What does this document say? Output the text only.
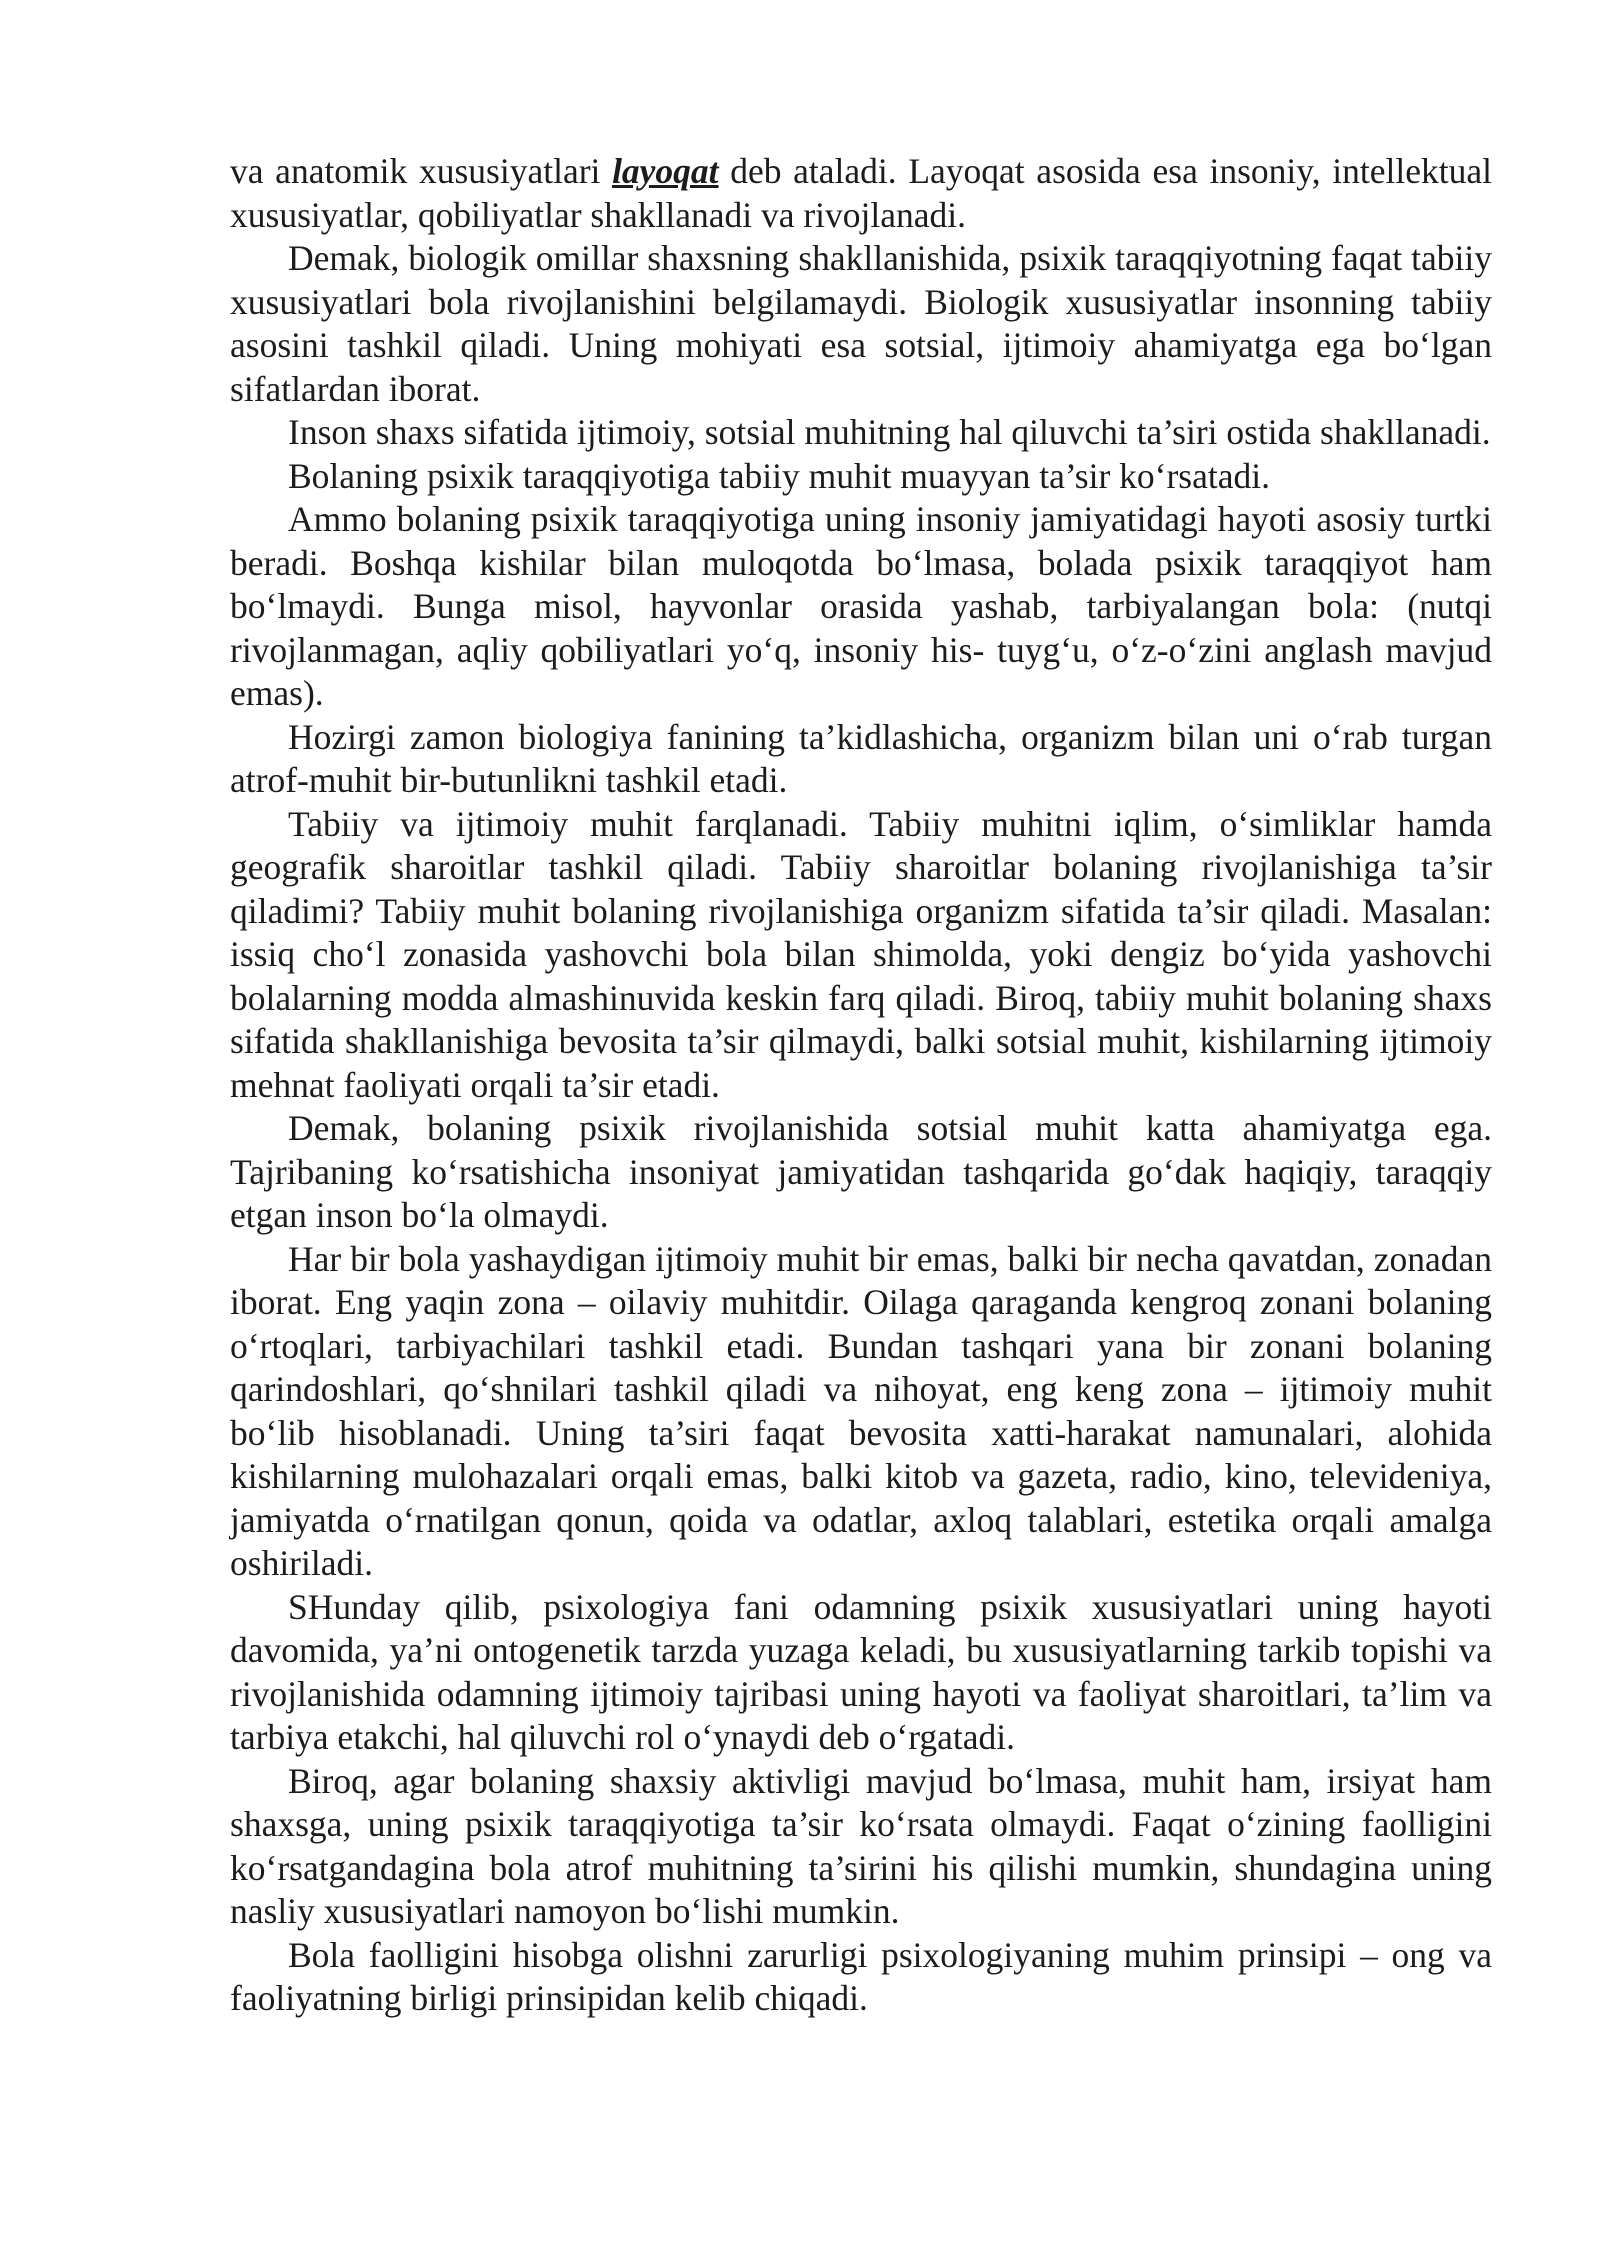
va anatomik xususiyatlari layoqat deb ataladi. Layoqat asosida esa insoniy, intellektual xususiyatlar, qobiliyatlar shakllanadi va rivojlanadi.

Demak, biologik omillar shaxsning shakllanishida, psixik taraqqiyotning faqat tabiiy xususiyatlari bola rivojlanishini belgilamaydi. Biologik xususiyatlar insonning tabiiy asosini tashkil qiladi. Uning mohiyati esa sotsial, ijtimoiy ahamiyatga ega bo‘lgan sifatlardan iborat.

Inson shaxs sifatida ijtimoiy, sotsial muhitning hal qiluvchi ta’siri ostida shakllanadi.

Bolaning psixik taraqqiyotiga tabiiy muhit muayyan ta’sir ko‘rsatadi.

Ammo bolaning psixik taraqqiyotiga uning insoniy jamiyatidagi hayoti asosiy turtki beradi. Boshqa kishilar bilan muloqotda bo‘lmasa, bolada psixik taraqqiyot ham bo‘lmaydi. Bunga misol, hayvonlar orasida yashab, tarbiyalangan bola: (nutqi rivojlanmagan, aqliy qobiliyatlari yo‘q, insoniy his- tuyg‘u, o‘z-o‘zini anglash mavjud emas).

Hozirgi zamon biologiya fanining ta’kidlashicha, organizm bilan uni o‘rab turgan atrof-muhit bir-butunlikni tashkil etadi.

Tabiiy va ijtimoiy muhit farqlanadi. Tabiiy muhitni iqlim, o‘simliklar hamda geografik sharoitlar tashkil qiladi. Tabiiy sharoitlar bolaning rivojlanishiga ta’sir qiladimi? Tabiiy muhit bolaning rivojlanishiga organizm sifatida ta’sir qiladi. Masalan: issiq cho‘l zonasida yashovchi bola bilan shimolda, yoki dengiz bo‘yida yashovchi bolalarning modda almashinuvida keskin farq qiladi. Biroq, tabiiy muhit bolaning shaxs sifatida shakllanishiga bevosita ta’sir qilmaydi, balki sotsial muhit, kishilarning ijtimoiy mehnat faoliyati orqali ta’sir etadi.

Demak, bolaning psixik rivojlanishida sotsial muhit katta ahamiyatga ega. Tajribaning ko‘rsatishicha insoniyat jamiyatidan tashqarida go‘dak haqiqiy, taraqqiy etgan inson bo‘la olmaydi.

Har bir bola yashaydigan ijtimoiy muhit bir emas, balki bir necha qavatdan, zonadan iborat. Eng yaqin zona – oilaviy muhitdir. Oilaga qaraganda kengroq zonani bolaning o‘rtoqlari, tarbiyachilari tashkil etadi. Bundan tashqari yana bir zonani bolaning qarindoshlari, qo‘shnilari tashkil qiladi va nihoyat, eng keng zona – ijtimoiy muhit bo‘lib hisoblanadi. Uning ta’siri faqat bevosita xatti-harakat namunalari, alohida kishilarning mulohazalari orqali emas, balki kitob va gazeta, radio, kino, televideniya, jamiyatda o‘rnatilgan qonun, qoida va odatlar, axloq talablari, estetika orqali amalga oshiriladi.

SHunday qilib, psixologiya fani odamning psixik xususiyatlari uning hayoti davomida, ya’ni ontogenetik tarzda yuzaga keladi, bu xususiyatlarning tarkib topishi va rivojlanishida odamning ijtimoiy tajribasi uning hayoti va faoliyat sharoitlari, ta’lim va tarbiya etakchi, hal qiluvchi rol o‘ynaydi deb o‘rgatadi.

Biroq, agar bolaning shaxsiy aktivligi mavjud bo‘lmasa, muhit ham, irsiyat ham shaxsga, uning psixik taraqqiyotiga ta’sir ko‘rsata olmaydi. Faqat o‘zining faolligini ko‘rsatgandagina bola atrof muhitning ta’sirini his qilishi mumkin, shundagina uning nasliy xususiyatlari namoyon bo‘lishi mumkin.

Bola faolligini hisobga olishni zarurligi psixologiyaning muhim prinsipi – ong va faoliyatning birligi prinsipidan kelib chiqadi.
